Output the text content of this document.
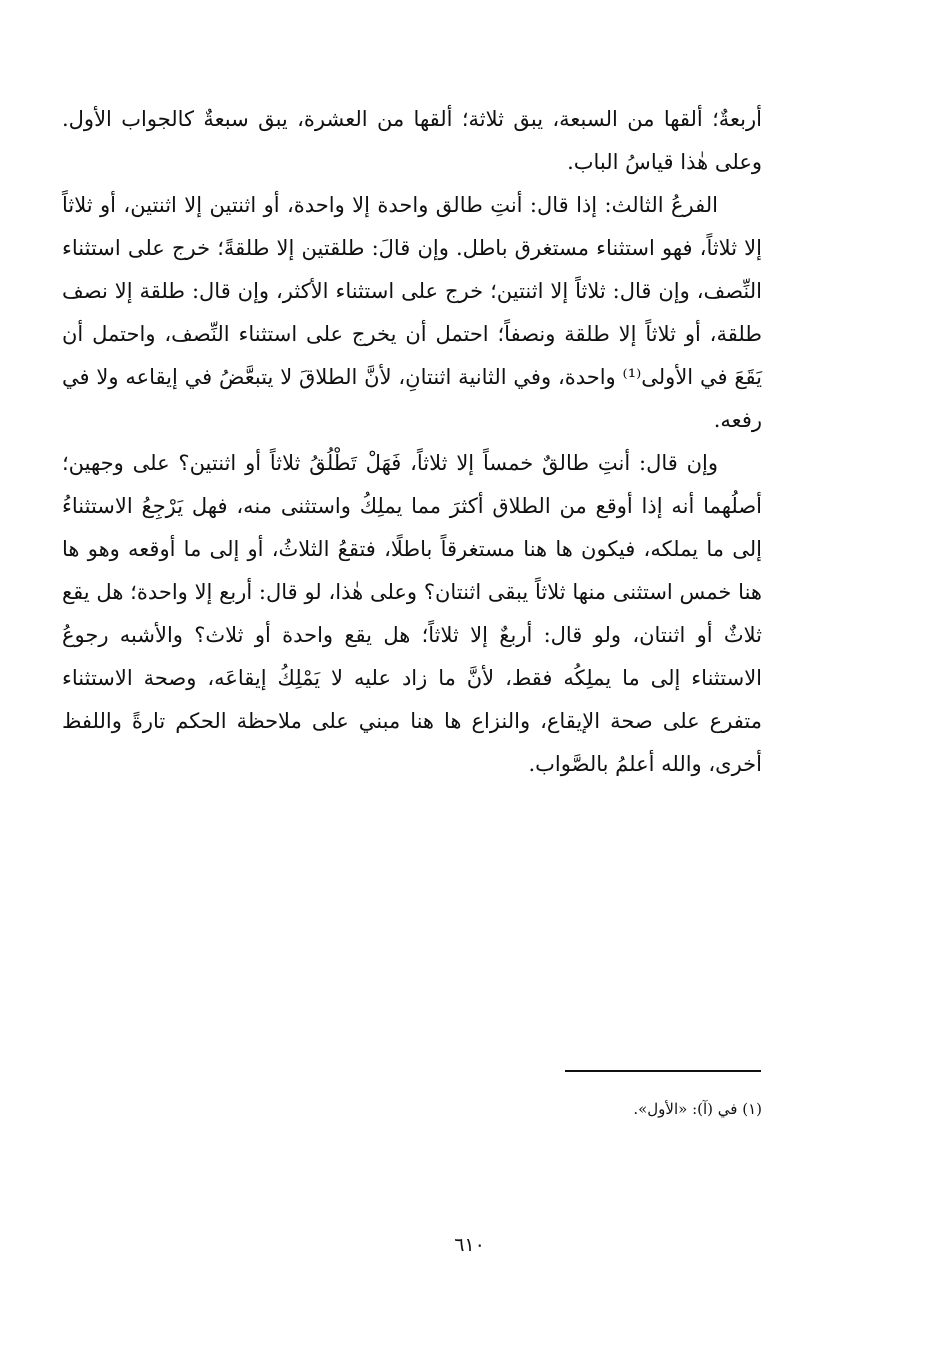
أربعةٌ؛ ألقها من السبعة، يبق ثلاثة؛ ألقها من العشرة، يبق سبعةٌ كالجواب الأول. وعلى هٰذا قياسُ الباب.

الفرعُ الثالث: إذا قال: أنتِ طالق واحدة إلا واحدة، أو اثنتين إلا اثنتين، أو ثلاثاً إلا ثلاثاً، فهو استثناء مستغرق باطل. وإن قالَ: طلقتين إلا طلقةً؛ خرج على استثناء النِّصف، وإن قال: ثلاثاً إلا اثنتين؛ خرج على استثناء الأكثر، وإن قال: طلقة إلا نصف طلقة، أو ثلاثاً إلا طلقة ونصفاً؛ احتمل أن يخرج على استثناء النِّصف، واحتمل أن يَقَعَ في الأولى⁽¹⁾ واحدة، وفي الثانية اثنتانِ، لأنَّ الطلاقَ لا يتبعَّضُ في إيقاعه ولا في رفعه.

وإن قال: أنتِ طالقٌ خمساً إلا ثلاثاً، فَهَلْ تَطْلُقُ ثلاثاً أو اثنتين؟ على وجهين؛ أصلُهما أنه إذا أوقع من الطلاق أكثرَ مما يملِكُ واستثنى منه، فهل يَرْجِعُ الاستثناءُ إلى ما يملكه، فيكون ها هنا مستغرقاً باطلًا، فتقعُ الثلاثُ، أو إلى ما أوقعه وهو ها هنا خمس استثنى منها ثلاثاً يبقى اثنتان؟ وعلى هٰذا، لو قال: أربع إلا واحدة؛ هل يقع ثلاثٌ أو اثنتان، ولو قال: أربعٌ إلا ثلاثاً؛ هل يقع واحدة أو ثلاث؟ والأشبه رجوعُ الاستثناء إلى ما يملِكُه فقط، لأنَّ ما زاد عليه لا يَمْلِكُ إيقاعَه، وصحة الاستثناء متفرع على صحة الإيقاع، والنزاع ها هنا مبني على ملاحظة الحكم تارةً واللفظ أخرى، والله أعلمُ بالصَّواب.

(١) في (آ): «الأول».
٦١٠
